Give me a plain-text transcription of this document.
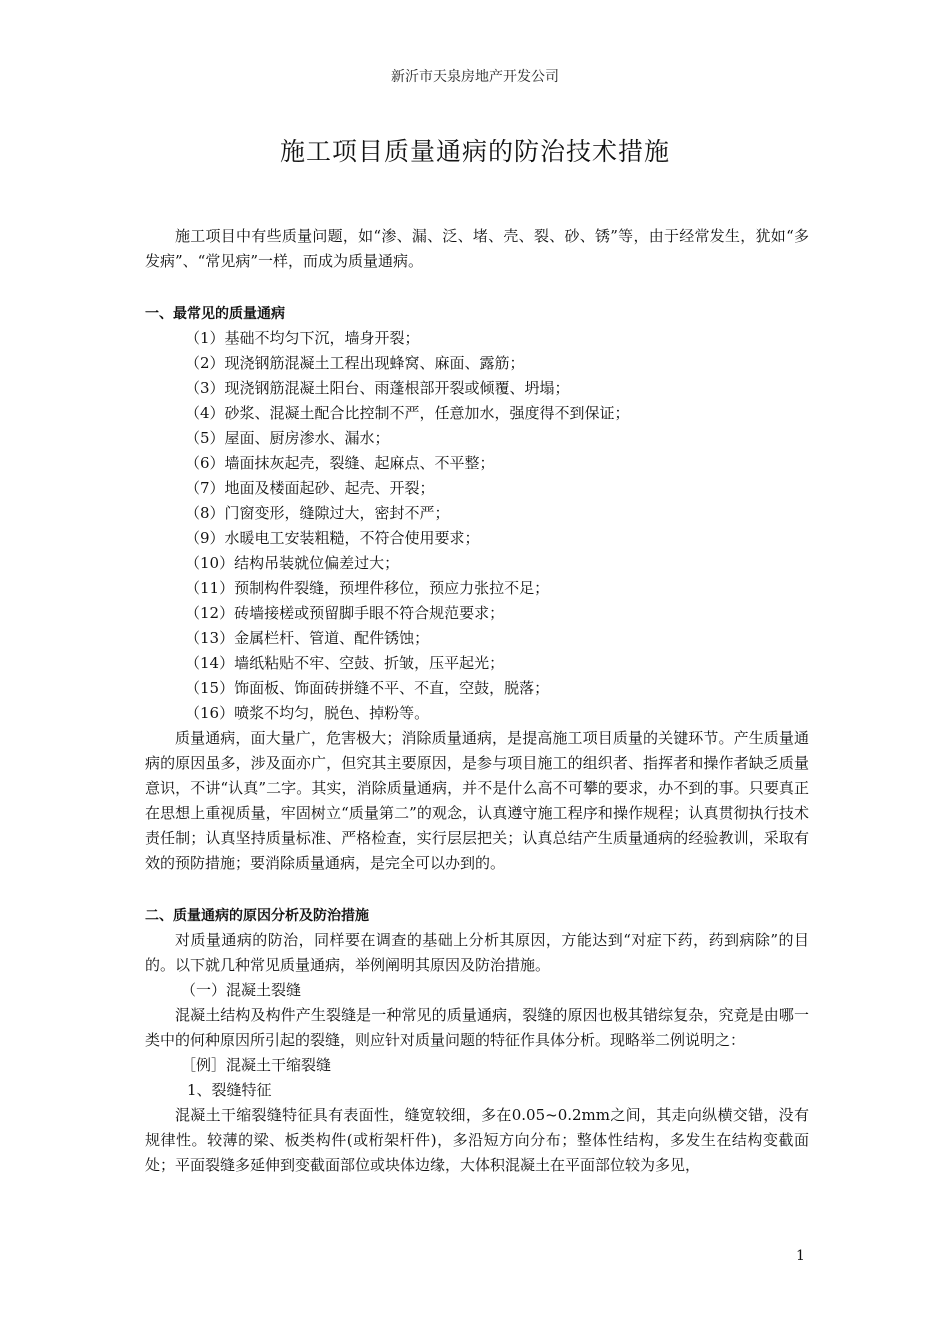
新沂市天泉房地产开发公司
施工项目质量通病的防治技术措施

施工项目中有些质量问题，如“渗、漏、泛、堵、壳、裂、砂、锈”等，由于经常发生，犹如“多发病”、“常见病”一样，而成为质量通病。

一、最常见的质量通病

（1）基础不均匀下沉，墙身开裂；

（2）现浇钢筋混凝土工程出现蜂窝、麻面、露筋；

（3）现浇钢筋混凝土阳台、雨蓬根部开裂或倾覆、坍塌；

（4）砂浆、混凝土配合比控制不严，任意加水，强度得不到保证；

（5）屋面、厨房渗水、漏水；

（6）墙面抹灰起壳，裂缝、起麻点、不平整；

（7）地面及楼面起砂、起壳、开裂；

（8）门窗变形，缝隙过大，密封不严；

（9）水暖电工安装粗糙，不符合使用要求；

（10）结构吊装就位偏差过大；

（11）预制构件裂缝，预埋件移位，预应力张拉不足；

（12）砖墙接槎或预留脚手眼不符合规范要求；

（13）金属栏杆、管道、配件锈蚀；

（14）墙纸粘贴不牢、空鼓、折皱，压平起光；

（15）饰面板、饰面砖拼缝不平、不直，空鼓，脱落；

（16）喷浆不均匀，脱色、掉粉等。

质量通病，面大量广，危害极大；消除质量通病，是提高施工项目质量的关键环节。产生质量通病的原因虽多，涉及面亦广，但究其主要原因，是参与项目施工的组织者、指挥者和操作者缺乏质量意识，不讲“认真”二字。其实，消除质量通病，并不是什么高不可攀的要求，办不到的事。只要真正在思想上重视质量，牢固树立“质量第二”的观念，认真遵守施工程序和操作规程；认真贯彻执行技术责任制；认真坚持质量标准、严格检查，实行层层把关；认真总结产生质量通病的经验教训，采取有效的预防措施；要消除质量通病，是完全可以办到的。

二、质量通病的原因分析及防治措施

对质量通病的防治，同样要在调查的基础上分析其原因，方能达到“对症下药，药到病除”的目的。以下就几种常见质量通病，举例阐明其原因及防治措施。

（一）混凝土裂缝

混凝土结构及构件产生裂缝是一种常见的质量通病，裂缝的原因也极其错综复杂，究竟是由哪一类中的何种原因所引起的裂缝，则应针对质量问题的特征作具体分析。现略举二例说明之：

［例］混凝土干缩裂缝

1、裂缝特征

混凝土干缩裂缝特征具有表面性，缝宽较细，多在0.05~0.2mm之间，其走向纵横交错，没有规律性。较薄的梁、板类构件(或桁架杆件)，多沿短方向分布；整体性结构，多发生在结构变截面处；平面裂缝多延伸到变截面部位或块体边缘，大体积混凝土在平面部位较为多见，

1
